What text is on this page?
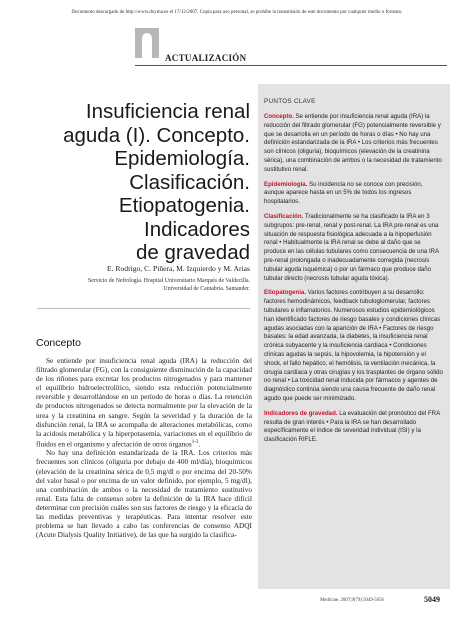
Documento descargado de http://www.doyma.es el 17/12/2007. Copia para uso personal, se prohíbe la transmisión de este documento por cualquier medio o formato.
ACTUALIZACIÓN
Insuficiencia renal
aguda (I). Concepto.
Epidemiología.
Clasificación.
Etiopatogenia.
Indicadores
de gravedad
E. Rodrigo, C. Piñera, M. Izquierdo y M. Arias
Servicio de Nefrología. Hospital Universitario Marqués de Valdecilla.
Universidad de Cantabria. Santander.
Concepto

Se entiende por insuficiencia renal aguda (IRA) la reducción del filtrado glomerular (FG), con la consiguiente disminución de la capacidad de los riñones para excretar los productos nitrogenados y para mantener el equilibrio hidroelectrolítico, siendo esta reducción potencialmente reversible y desarrollándose en un período de horas o días. La retención de productos nitrogenados se detecta normalmente por la elevación de la urea y la creatinina en sangre. Según la severidad y la duración de la disfunción renal, la IRA se acompaña de alteraciones metabólicas, como la acidosis metabólica y la hiperpotasemia, variaciones en el equilibrio de fluidos en el organismo y afectación de otros órganos$^{1-3}$.

No hay una definición estandarizada de la IRA. Los criterios más frecuentes son clínicos (oliguria por debajo de 400 ml/día), bioquímicos (elevación de la creatinina sérica de 0,5 mg/dl o por encima del 20-50% del valor basal o por encima de un valor definido, por ejemplo, 5 mg/dl), una combinación de ambos o la necesidad de tratamiento sustitutivo renal. Esta falta de consenso sobre la definición de la IRA hace difícil determinar con precisión cuáles son sus factores de riesgo y la eficacia de las medidas preventivas y terapéuticas. Para intentar resolver este problema se han llevado a cabo las conferencias de consenso ADQI (Acute Dialysis Quality Initiative), de las que ha surgido la clasifica-

PUNTOS CLAVE

Concepto. Se entiende por insuficiencia renal aguda (IRA) la reducción del filtrado glomerular (FG) potencialmente reversible y que se desarrolla en un período de horas o días • No hay una definición estandarizada de la IRA • Los criterios más frecuentes son clínicos (oliguria), bioquímicos (elevación de la creatinina sérica), una combinación de ambos o la necesidad de tratamiento sustitutivo renal.

Epidemiología. Su incidencia no se conoce con precisión, aunque aparece hasta en un 5% de todos los ingresos hospitalarios.

Clasificación. Tradicionalmente se ha clasificado la IRA en 3 subgrupos: pre-renal, renal y post-renal. La IRA pre-renal es una situación de respuesta fisiológica adecuada a la hipoperfusión renal • Habitualmente la IRA renal se debe al daño que se produce en las células tubulares como consecuencia de una IRA pre-renal prolongada o inadecuadamente corregida (necrosis tubular aguda isquémica) o por un fármaco que produce daño tubular directo (necrosis tubular aguda tóxica).

Etiopatogenia. Varios factores contribuyen a su desarrollo: factores hemodinámicos, feedback tubuloglomerular, factores tubulares e inflamatorios. Numerosos estudios epidemiológicos han identificado factores de riesgo basales y condiciones clínicas agudas asociadas con la aparición de IRA • Factores de riesgo basales: la edad avanzada, la diabetes, la insuficiencia renal crónica subyacente y la insuficiencia cardíaca • Condiciones clínicas agudas la sepsis, la hipovolemia, la hipotensión y el shock, el fallo hepático, el hemólisis, la ventilación mecánica, la cirugía cardíaca y otras cirugías y los trasplantes de órgano sólido no renal • La toxicidad renal inducida por fármacos y agentes de diagnóstico continúa siendo una causa frecuente de daño renal agudo que puede ser minimizado.

Indicadores de gravedad. La evaluación del pronóstico del FRA resulta de gran interés • Para la IRA se han desarrollado específicamente el índice de severidad individual (ISI) y la clasificación RIFLE.

Medicine. 2007;9(79):5049-5056	5049
